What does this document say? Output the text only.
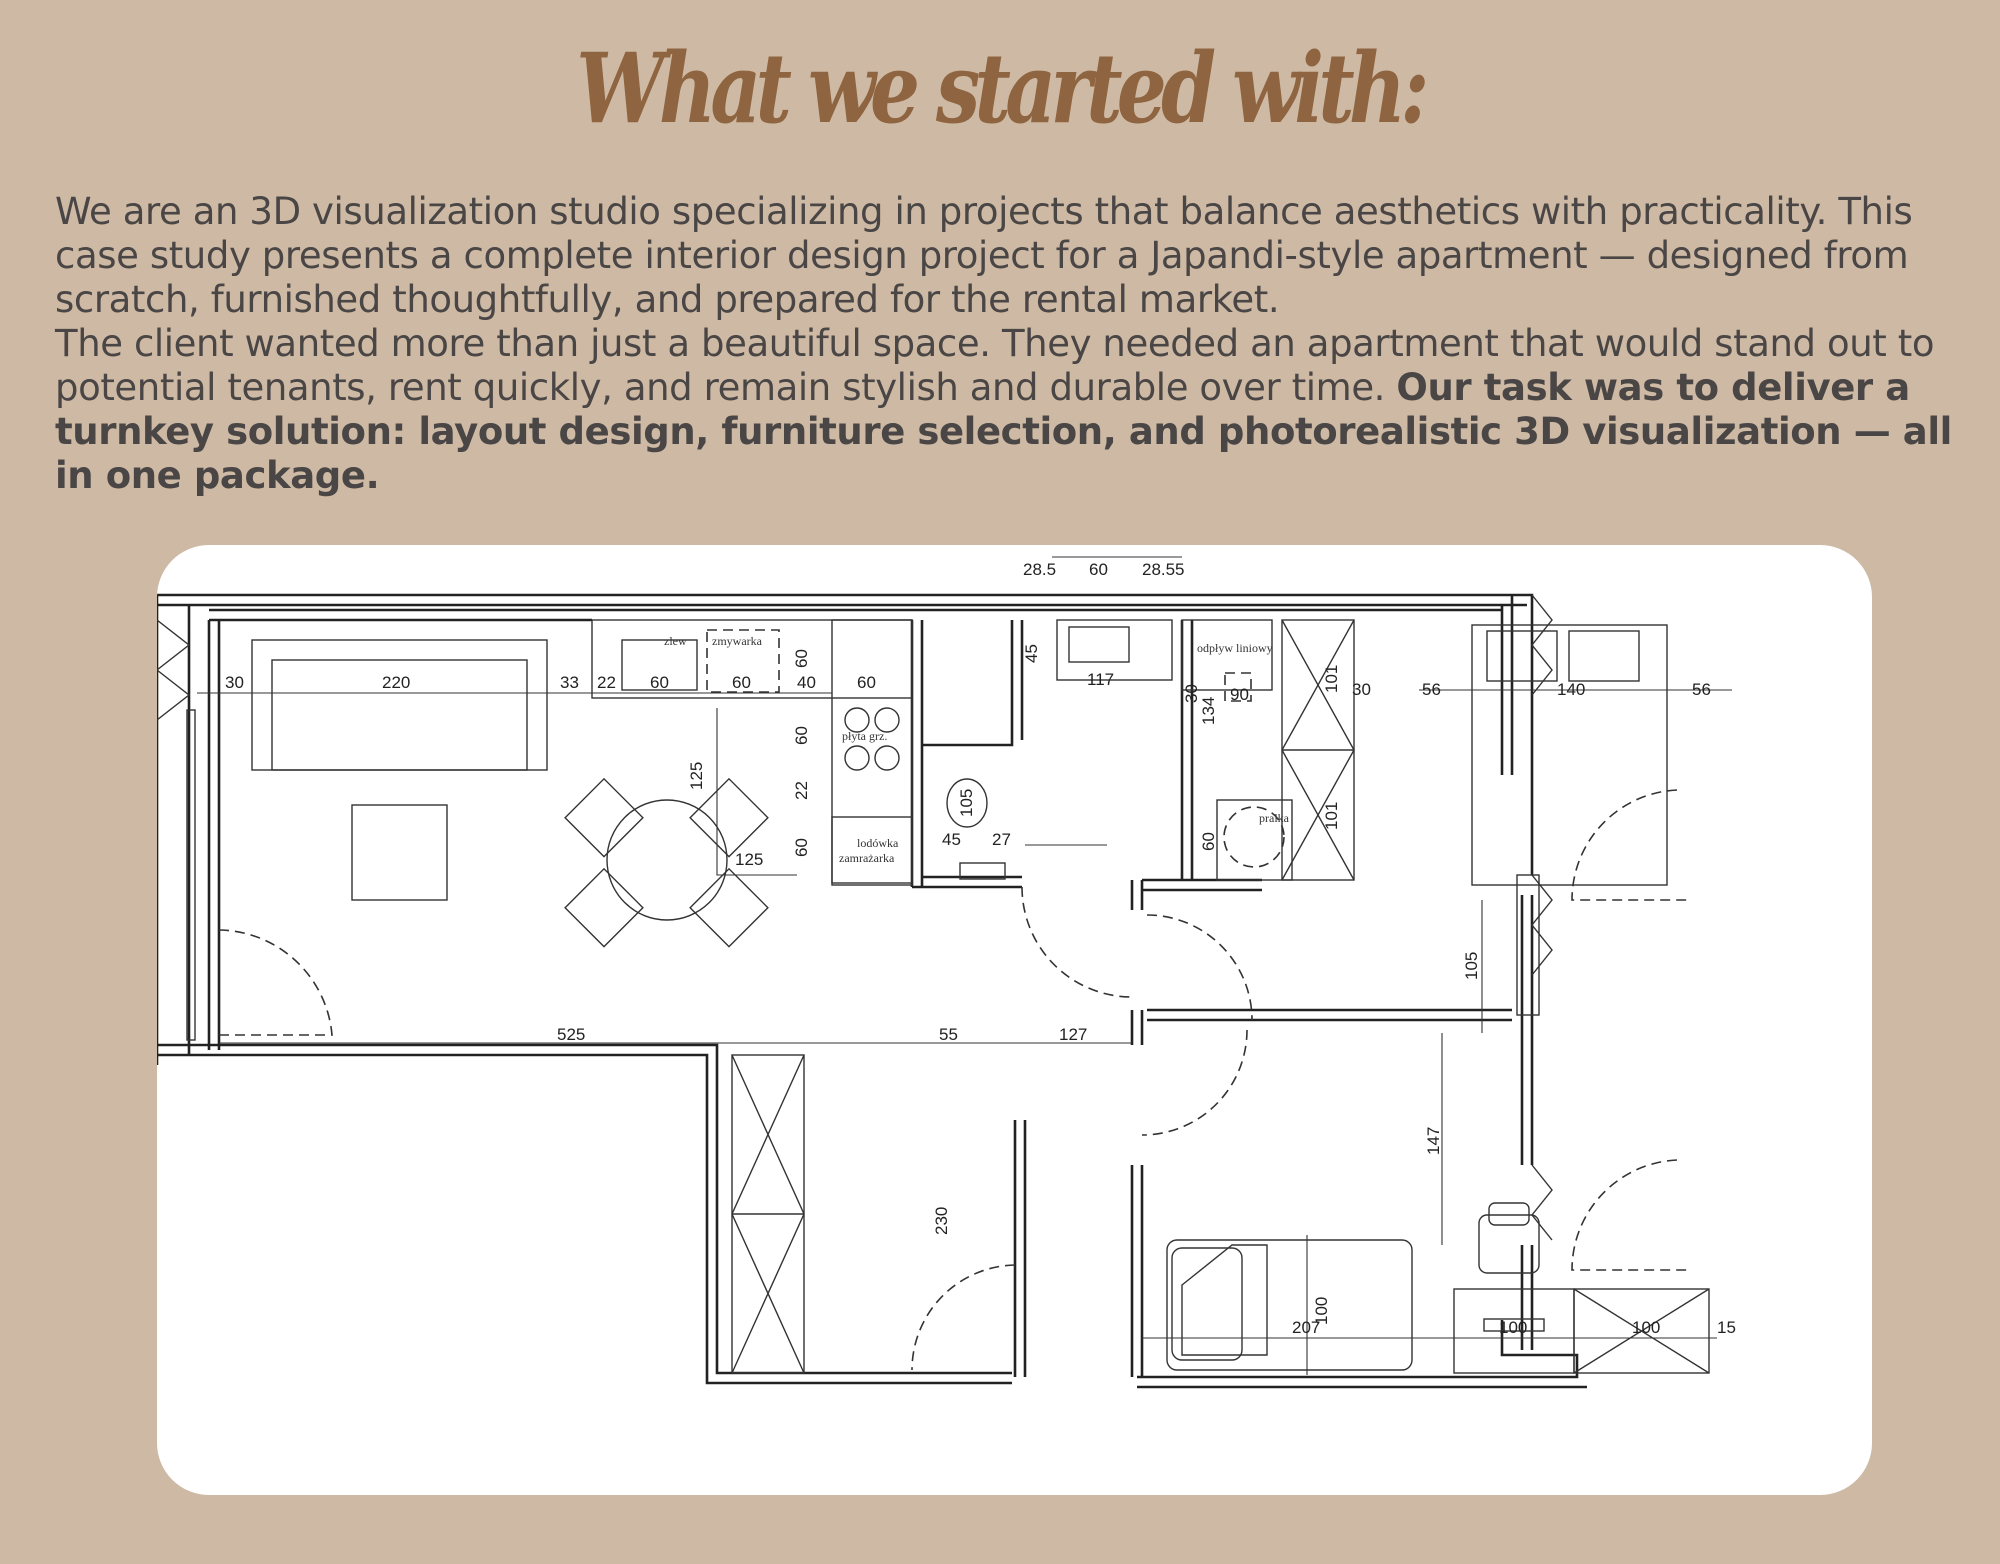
What we started with:

We are an 3D visualization studio specializing in projects that balance aesthetics with practicality. This case study presents a complete interior design project for a Japandi-style apartment — designed from scratch, furnished thoughtfully, and prepared for the rental market.

The client wanted more than just a beautiful space. They needed an apartment that would stand out to potential tenants, rent quickly, and remain stylish and durable over time. Our task was to deliver a turnkey solution: layout design, furniture selection, and photorealistic 3D visualization — all in one package.

30	220	33 22 60	60	40 60
28.5 60 28.5 5
525	55	127
125
125
60
60
22
60
45
117
30
134
90
60
105
45 27
101
101
30	56	140	56
105
230
147
100
207	100	100	15
zlew zmywarka
płyta grz.
lodówka
zamrażarka
odpływ liniowy
pralka
